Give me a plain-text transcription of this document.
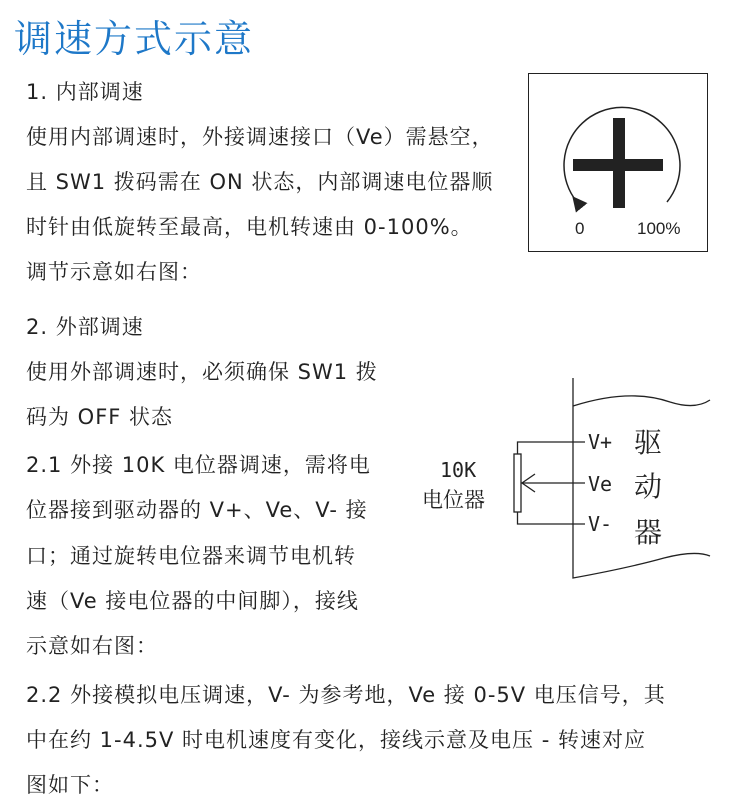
调速方式示意
1. 内部调速
使用内部调速时，外接调速接口（Ve）需悬空，
且 SW1 拨码需在 ON 状态，内部调速电位器顺
时针由低旋转至最高，电机转速由 0-100%。
调节示意如右图：
0	100%
2. 外部调速
使用外部调速时，必须确保 SW1 拨
码为 OFF 状态
2.1 外接 10K 电位器调速，需将电
位器接到驱动器的 V+、Ve、V- 接
口；通过旋转电位器来调节电机转
速（Ve 接电位器的中间脚），接线
示意如右图：
10K
电位器
V+
Ve
V-
驱
动
器
2.2 外接模拟电压调速，V- 为参考地，Ve 接 0-5V 电压信号，其
中在约 1-4.5V 时电机速度有变化，接线示意及电压 - 转速对应
图如下：
